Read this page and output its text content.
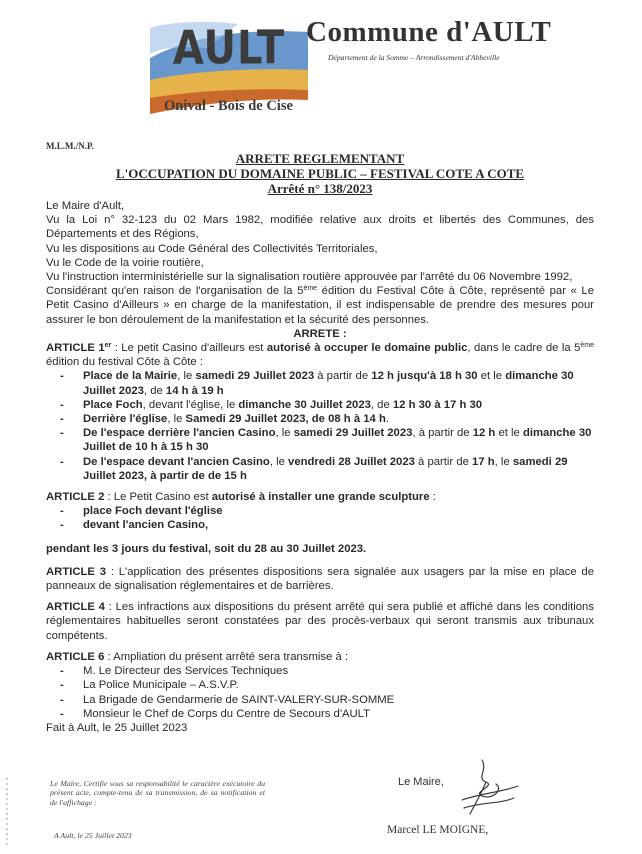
AULT
Onival - Bois de Cise
Commune d'AULT
Département de la Somme – Arrondissement d'Abbeville
M.L.M./N.P.
ARRETE REGLEMENTANT
L'OCCUPATION DU DOMAINE PUBLIC – FESTIVAL COTE A COTE
Arrêté n° 138/2023

Le Maire d'Ault,

Vu la Loi n° 32-123 du 02 Mars 1982, modifiée relative aux droits et libertés des Communes, des Départements et des Régions,

Vu les dispositions au Code Général des Collectivités Territoriales,

Vu le Code de la voirie routière,

Vu l'instruction interministérielle sur la signalisation routière approuvée par l'arrêté du 06 Novembre 1992,

Considérant qu'en raison de l'organisation de la 5ème édition du Festival Côte à Côte, représenté par « Le Petit Casino d'Ailleurs » en charge de la manifestation, il est indispensable de prendre des mesures pour assurer le bon déroulement de la manifestation et la sécurité des personnes.

ARRETE :

ARTICLE 1er : Le petit Casino d'ailleurs est autorisé à occuper le domaine public, dans le cadre de la 5ème édition du festival Côte à Côte :

- Place de la Mairie, le samedi 29 Juillet 2023 à partir de 12 h jusqu'à 18 h 30 et le dimanche 30 Juillet 2023, de 14 h à 19 h
- Place Foch, devant l'église, le dimanche 30 Juillet 2023, de 12 h 30 à 17 h 30
- Derrière l'église, le Samedi 29 Juillet 2023, de 08 h à 14 h.
- De l'espace derrière l'ancien Casino, le samedi 29 Juillet 2023, à partir de 12 h et le dimanche 30 Juillet de 10 h à 15 h 30
- De l'espace devant l'ancien Casino, le vendredi 28 Juillet 2023 à partir de 17 h, le samedi 29 Juillet 2023, à partir de de 15 h

ARTICLE 2 : Le Petit Casino est autorisé à installer une grande sculpture :

- place Foch devant l'église
- devant l'ancien Casino,

pendant les 3 jours du festival, soit du 28 au 30 Juillet 2023.

ARTICLE 3 : L'application des présentes dispositions sera signalée aux usagers par la mise en place de panneaux de signalisation réglementaires et de barrières.

ARTICLE 4 : Les infractions aux dispositions du présent arrêté qui sera publié et affiché dans les conditions réglementaires habituelles seront constatées par des procès-verbaux qui seront transmis aux tribunaux compétents.

ARTICLE 6 : Ampliation du présent arrêté sera transmise à :

- M. Le Directeur des Services Techniques
- La Police Municipale – A.S.V.P.
- La Brigade de Gendarmerie de SAINT-VALERY-SUR-SOMME
- Monsieur le Chef de Corps du Centre de Secours d'AULT

Fait à Ault, le 25 Juillet 2023

Le Maire, Certifie sous sa responsabilité le caractère exécutoire du présent acte, compte-tenu de sa transmission, de sa notification et de l'affichage :
A Ault, le 25 Juillet 2023
Le Maire,
Marcel LE MOIGNE,
